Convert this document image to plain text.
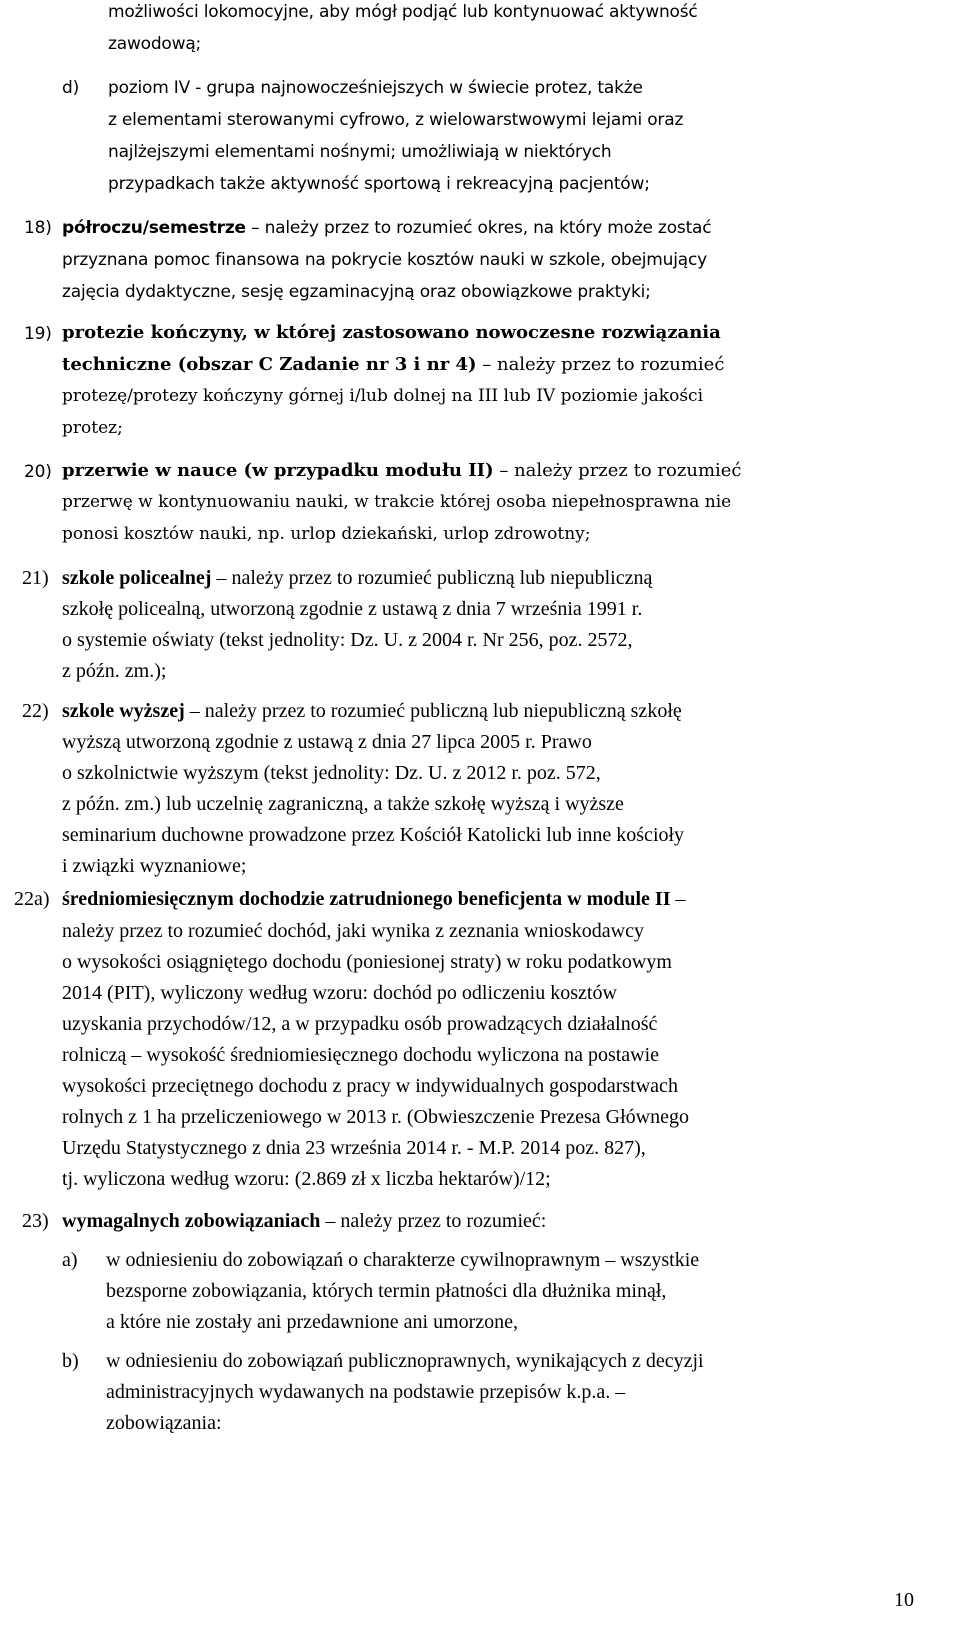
możliwości lokomocyjne, aby mógł podjąć lub kontynuować aktywność
zawodową;
d) poziom IV - grupa najnowocześniejszych w świecie protez, także
z elementami sterowanymi cyfrowo, z wielowarstwowymi lejami oraz
najlżejszymi elementami nośnymi; umożliwiają w niektórych
przypadkach także aktywność sportową i rekreacyjną pacjentów;
18) półroczu/semestrze – należy przez to rozumieć okres, na który może zostać
przyznana pomoc finansowa na pokrycie kosztów nauki w szkole, obejmujący
zajęcia dydaktyczne, sesję egzaminacyjną oraz obowiązkowe praktyki;
19) protezie kończyny, w której zastosowano nowoczesne rozwiązania
techniczne (obszar C Zadanie nr 3 i nr 4) – należy przez to rozumieć
protezę/protezy kończyny górnej i/lub dolnej na III lub IV poziomie jakości
protez;
20) przerwie w nauce (w przypadku modułu II) – należy przez to rozumieć
przerwę w kontynuowaniu nauki, w trakcie której osoba niepełnosprawna nie
ponosi kosztów nauki, np. urlop dziekański, urlop zdrowotny;
21) szkole policealnej – należy przez to rozumieć publiczną lub niepubliczną
szkołę policealną, utworzoną zgodnie z ustawą z dnia 7 września 1991 r.
o systemie oświaty (tekst jednolity: Dz. U. z 2004 r. Nr 256, poz. 2572,
z późn. zm.);
22) szkole wyższej – należy przez to rozumieć publiczną lub niepubliczną szkołę
wyższą utworzoną zgodnie z ustawą z dnia 27 lipca 2005 r. Prawo
o szkolnictwie wyższym (tekst jednolity: Dz. U. z 2012 r. poz. 572,
z późn. zm.) lub uczelnię zagraniczną, a także szkołę wyższą i wyższe
seminarium duchowne prowadzone przez Kościół Katolicki lub inne kościoły
i związki wyznaniowe;
22a) średniomiesięcznym dochodzie zatrudnionego beneficjenta w module II –
należy przez to rozumieć dochód, jaki wynika z zeznania wnioskodawcy
o wysokości osiągniętego dochodu (poniesionej straty) w roku podatkowym
2014 (PIT), wyliczony według wzoru: dochód po odliczeniu kosztów
uzyskania przychodów/12, a w przypadku osób prowadzących działalność
rolniczą – wysokość średniomiesięcznego dochodu wyliczona na postawie
wysokości przeciętnego dochodu z pracy w indywidualnych gospodarstwach
rolnych z 1 ha przeliczeniowego w 2013 r. (Obwieszczenie Prezesa Głównego
Urzędu Statystycznego z dnia 23 września 2014 r. - M.P. 2014 poz. 827),
tj. wyliczona według wzoru: (2.869 zł x liczba hektarów)/12;
23) wymagalnych zobowiązaniach – należy przez to rozumieć:
a) w odniesieniu do zobowiązań o charakterze cywilnoprawnym – wszystkie
bezsporne zobowiązania, których termin płatności dla dłużnika minął,
a które nie zostały ani przedawnione ani umorzone,
b) w odniesieniu do zobowiązań publicznoprawnych, wynikających z decyzji
administracyjnych wydawanych na podstawie przepisów k.p.a. –
zobowiązania:
10
